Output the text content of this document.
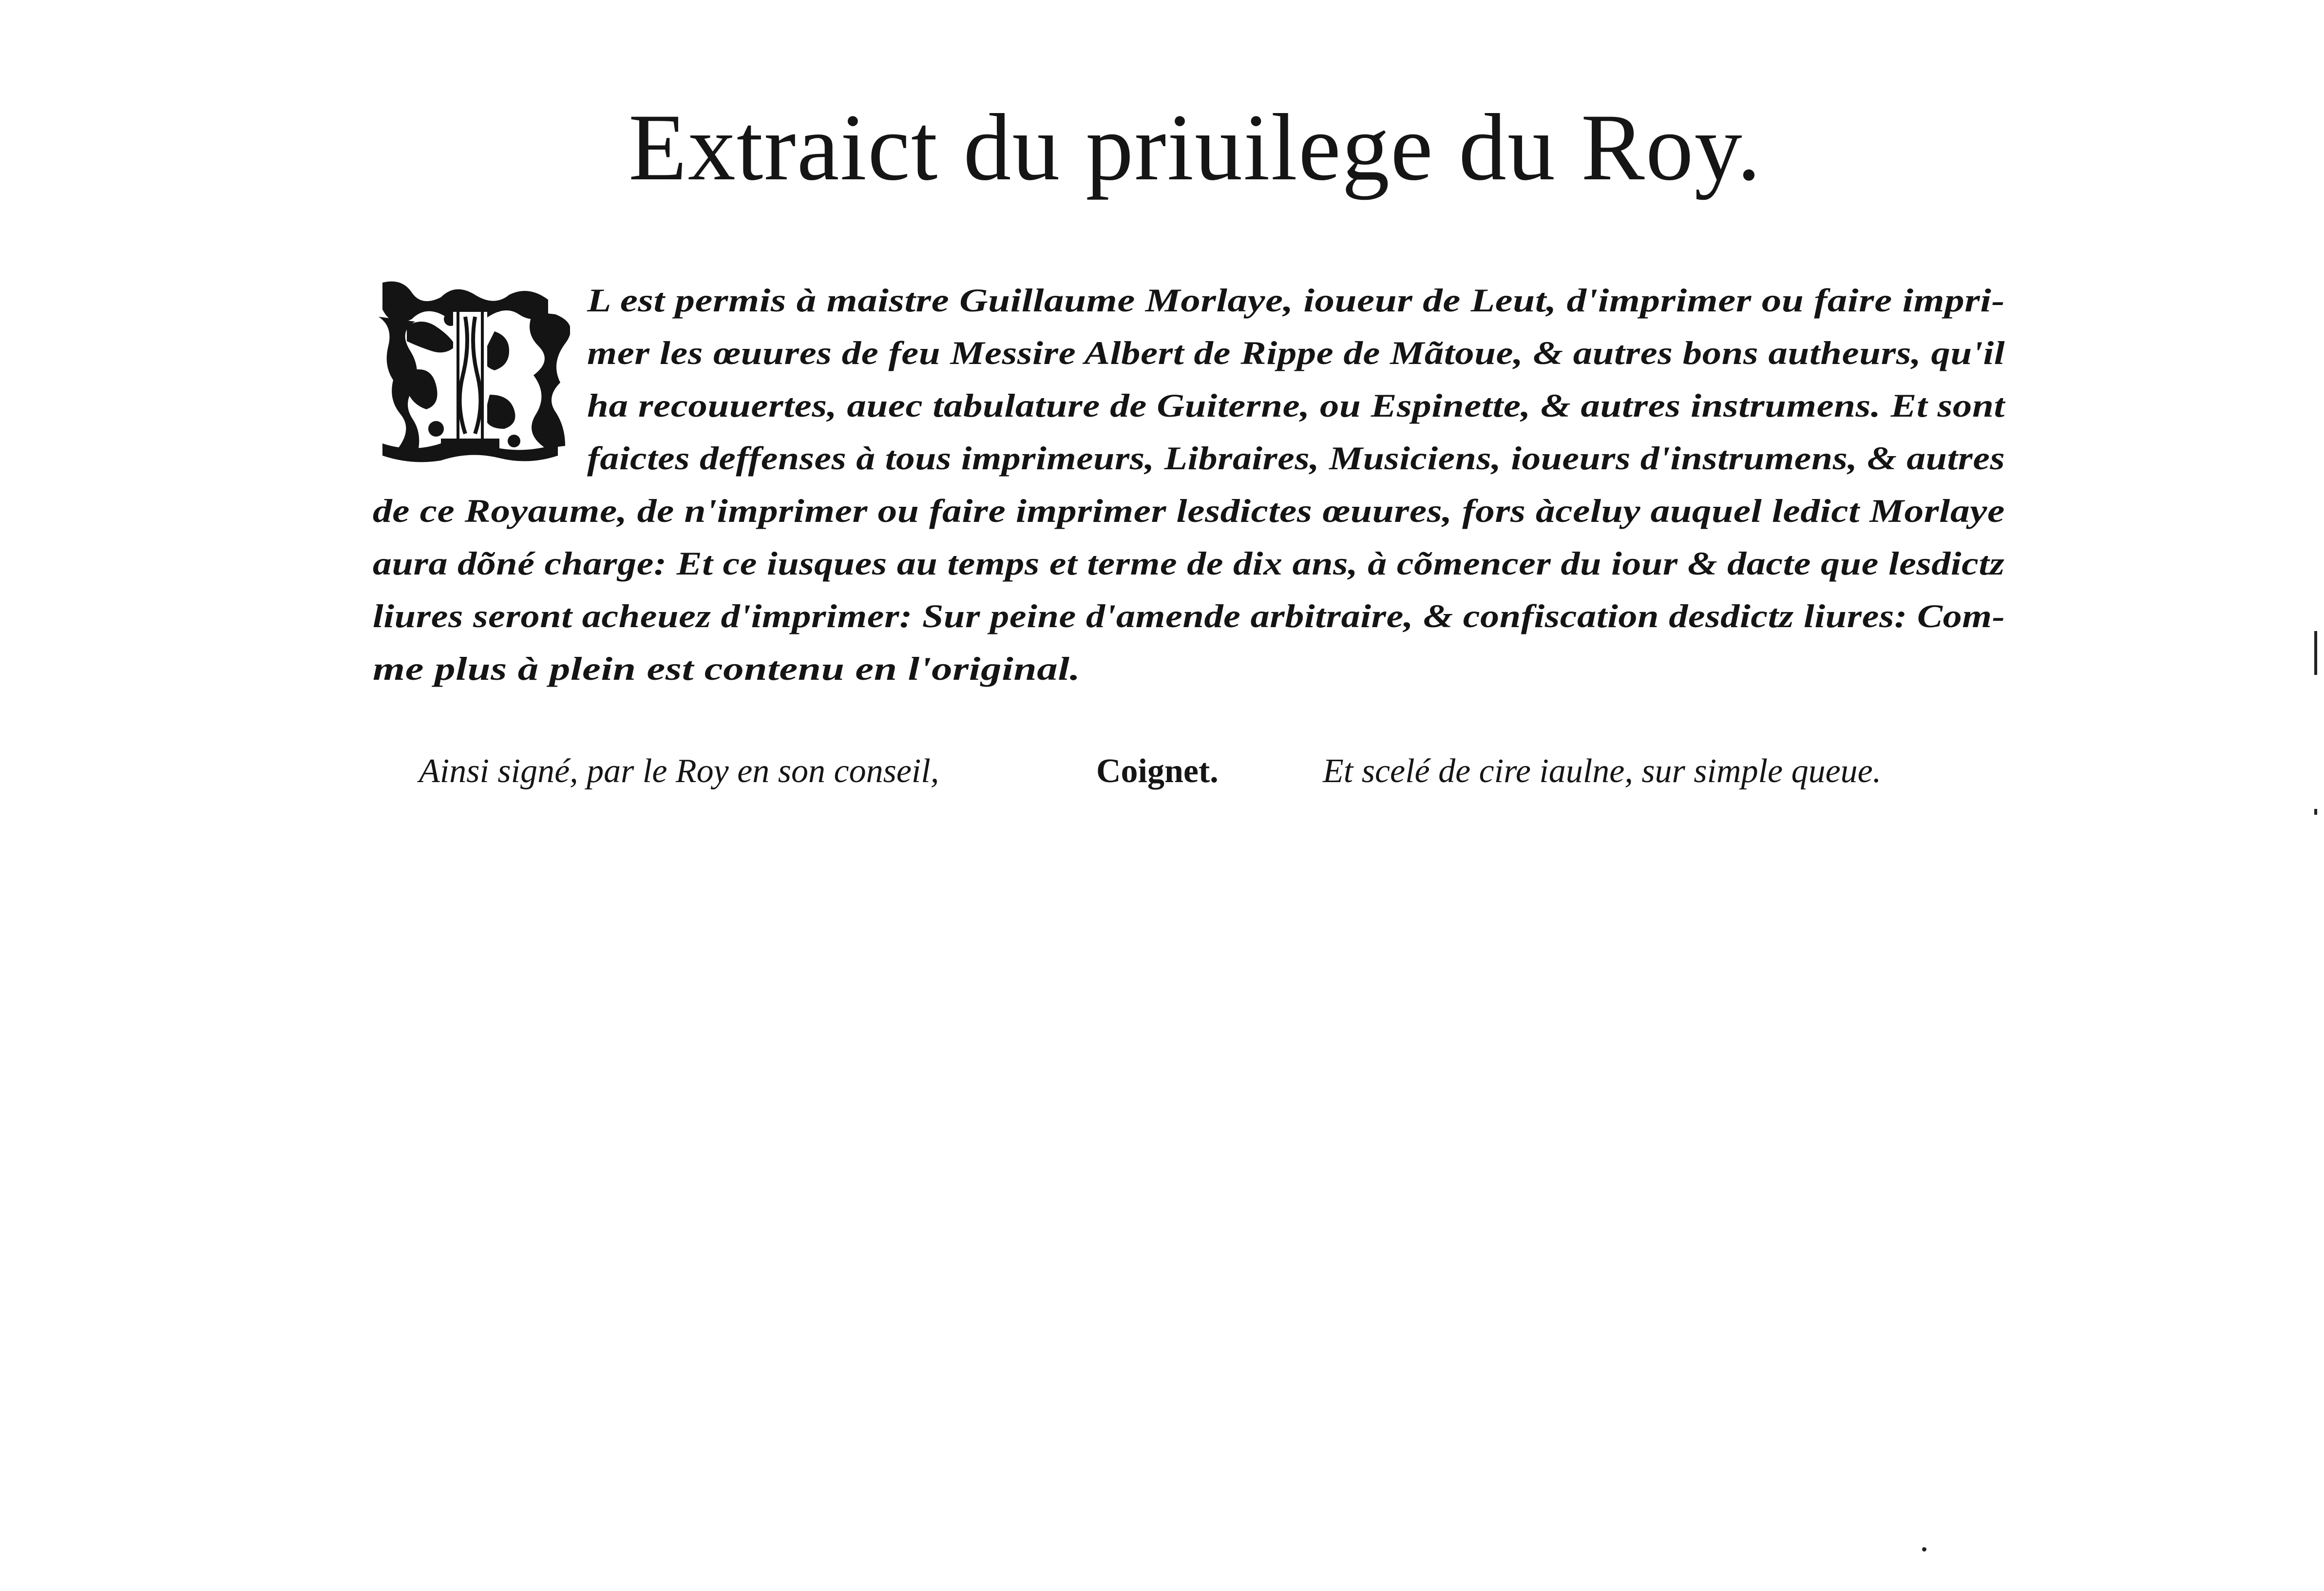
Extraict du priuilege du Roy.
L est permis à maistre Guillaume Morlaye, ioueur de Leut, d'imprimer ou faire impri-
mer les œuures de feu Messire Albert de Rippe de Mãtoue, & autres bons autheurs, qu'il
ha recouuertes, auec tabulature de Guiterne, ou Espinette, & autres instrumens. Et sont
faictes deffenses à tous imprimeurs, Libraires, Musiciens, ioueurs d'instrumens, & autres
de ce Royaume, de n'imprimer ou faire imprimer lesdictes œuures, fors àceluy auquel ledict Morlaye
aura dõné charge: Et ce iusques au temps et terme de dix ans, à cõmencer du iour & dacte que lesdictz
liures seront acheuez d'imprimer: Sur peine d'amende arbitraire, & confiscation desdictz liures: Com-
me plus à plein est contenu en l'original.
Ainsi signé, par le Roy en son conseil,	Coignet.	Et scelé de cire iaulne, sur simple queue.
